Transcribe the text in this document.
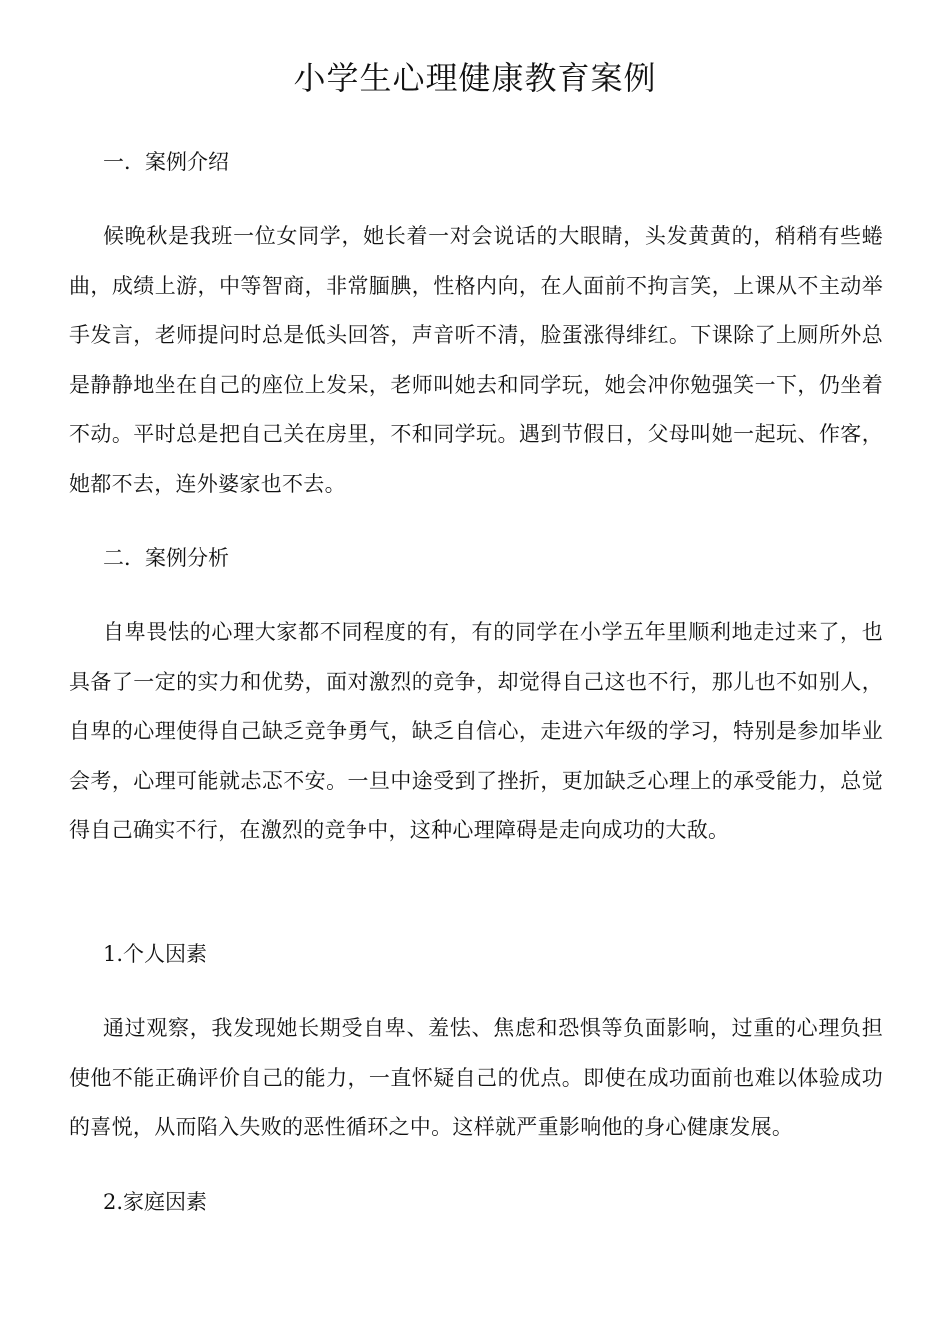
小学生心理健康教育案例
一．案例介绍

候晚秋是我班一位女同学，她长着一对会说话的大眼睛，头发黄黄的，稍稍有些蜷曲，成绩上游，中等智商，非常腼腆，性格内向，在人面前不拘言笑，上课从不主动举手发言，老师提问时总是低头回答，声音听不清，脸蛋涨得绯红。下课除了上厕所外总是静静地坐在自己的座位上发呆，老师叫她去和同学玩，她会冲你勉强笑一下，仍坐着不动。平时总是把自己关在房里，不和同学玩。遇到节假日，父母叫她一起玩、作客，她都不去，连外婆家也不去。

二．案例分析

自卑畏怯的心理大家都不同程度的有，有的同学在小学五年里顺利地走过来了，也具备了一定的实力和优势，面对激烈的竞争，却觉得自己这也不行，那儿也不如别人，自卑的心理使得自己缺乏竞争勇气，缺乏自信心，走进六年级的学习，特别是参加毕业会考，心理可能就忐忑不安。一旦中途受到了挫折，更加缺乏心理上的承受能力，总觉得自己确实不行，在激烈的竞争中，这种心理障碍是走向成功的大敌。

1.个人因素

通过观察，我发现她长期受自卑、羞怯、焦虑和恐惧等负面影响，过重的心理负担使他不能正确评价自己的能力，一直怀疑自己的优点。即使在成功面前也难以体验成功的喜悦，从而陷入失败的恶性循环之中。这样就严重影响他的身心健康发展。

2.家庭因素
